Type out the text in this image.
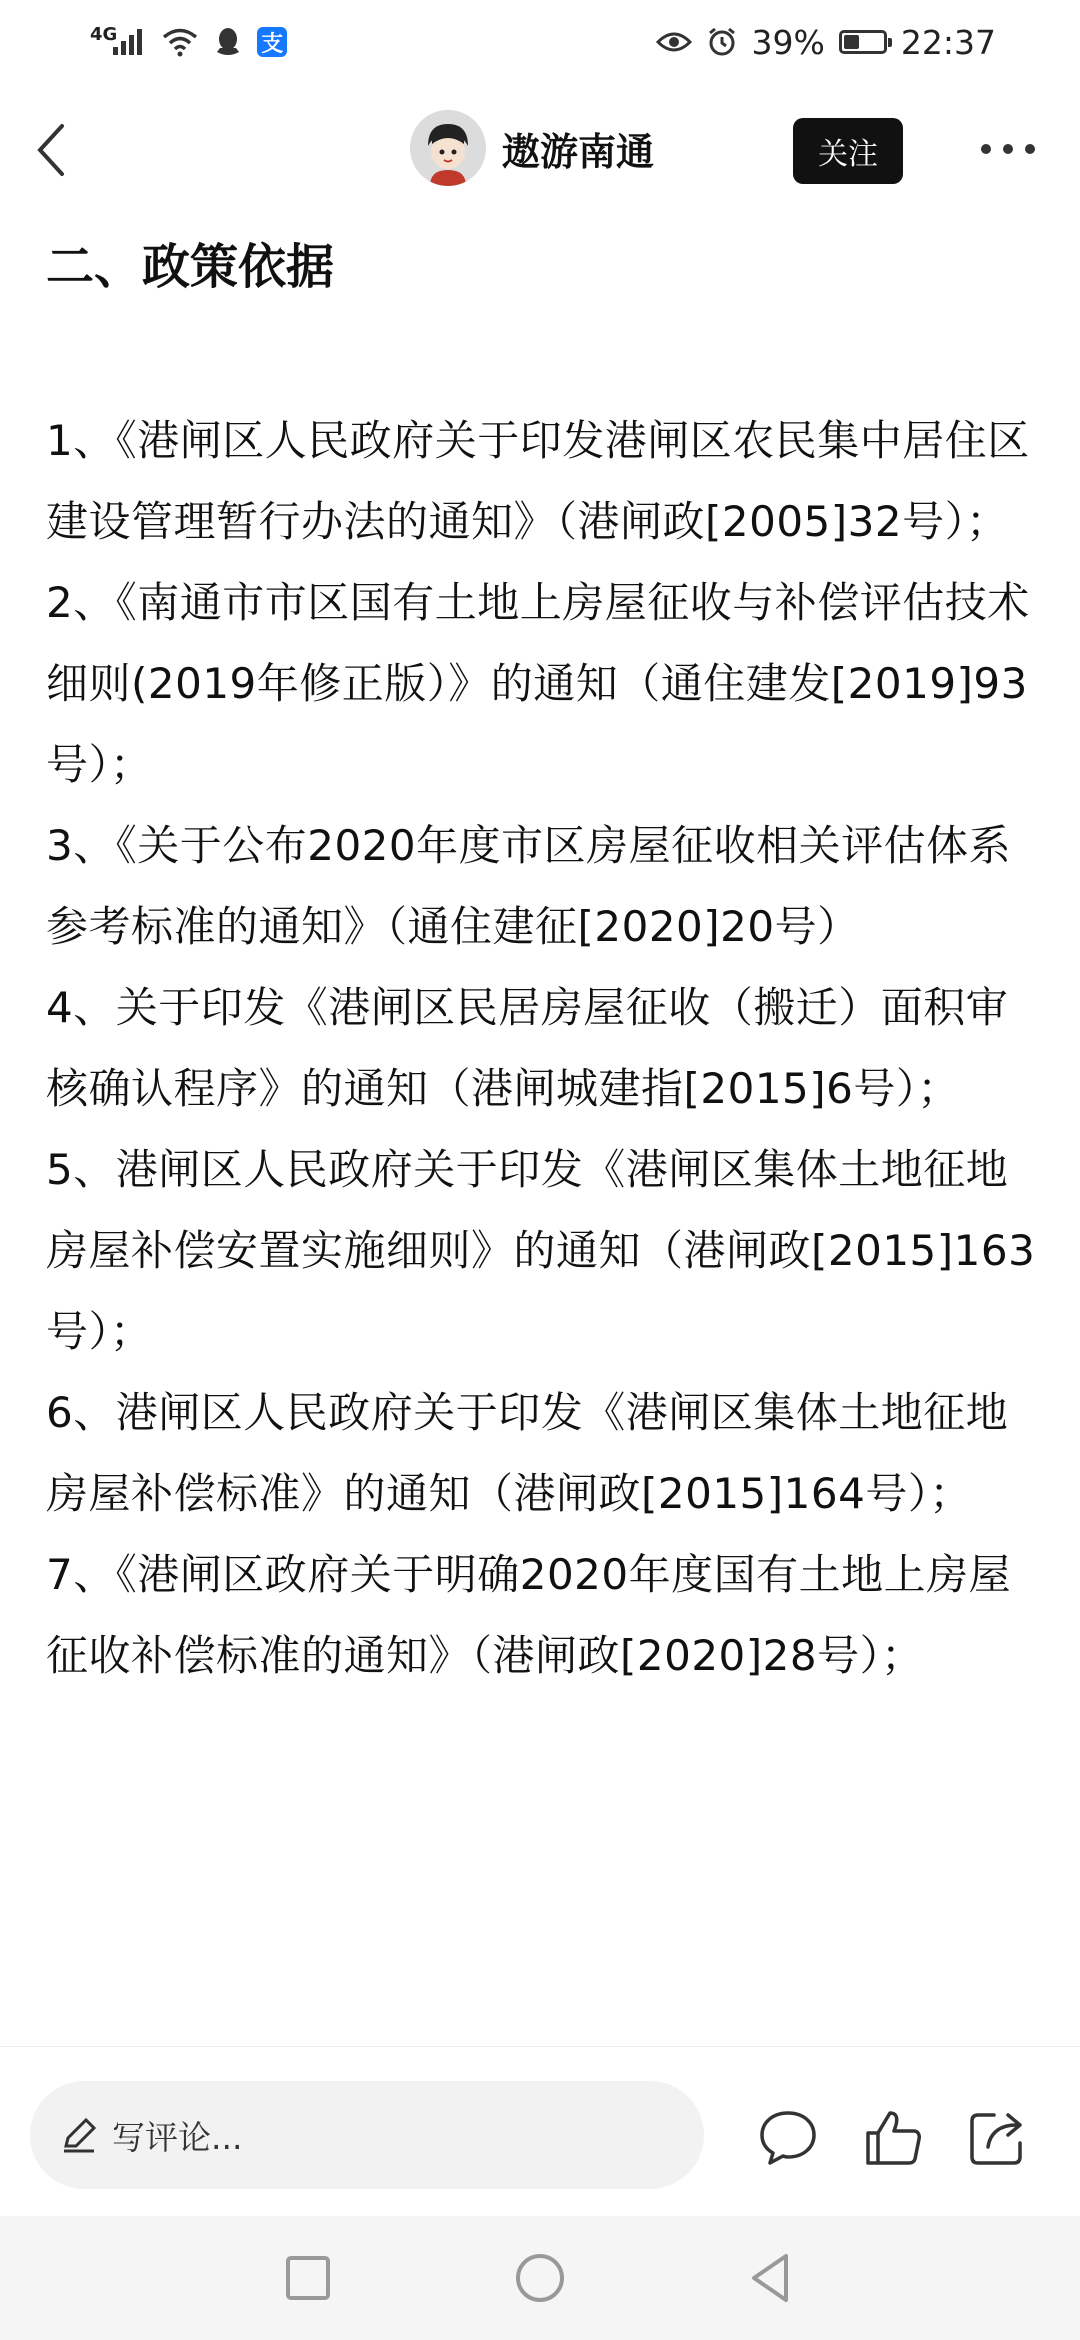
4G	支	39% 22:37
遨游南通	关注
二、政策依据

1、《港闸区人民政府关于印发港闸区农民集中居住区建设管理暂行办法的通知》（港闸政[2005]32号）；

2、《南通市市区国有土地上房屋征收与补偿评估技术细则(2019年修正版）》的通知（通住建发[2019]93号）；

3、《关于公布2020年度市区房屋征收相关评估体系参考标准的通知》（通住建征[2020]20号）

4、关于印发《港闸区民居房屋征收（搬迁）面积审核确认程序》的通知（港闸城建指[2015]6号）；

5、港闸区人民政府关于印发《港闸区集体土地征地房屋补偿安置实施细则》的通知（港闸政[2015]163号）；

6、港闸区人民政府关于印发《港闸区集体土地征地房屋补偿标准》的通知（港闸政[2015]164号）；

7、《港闸区政府关于明确2020年度国有土地上房屋征收补偿标准的通知》（港闸政[2020]28号）；

写评论...
